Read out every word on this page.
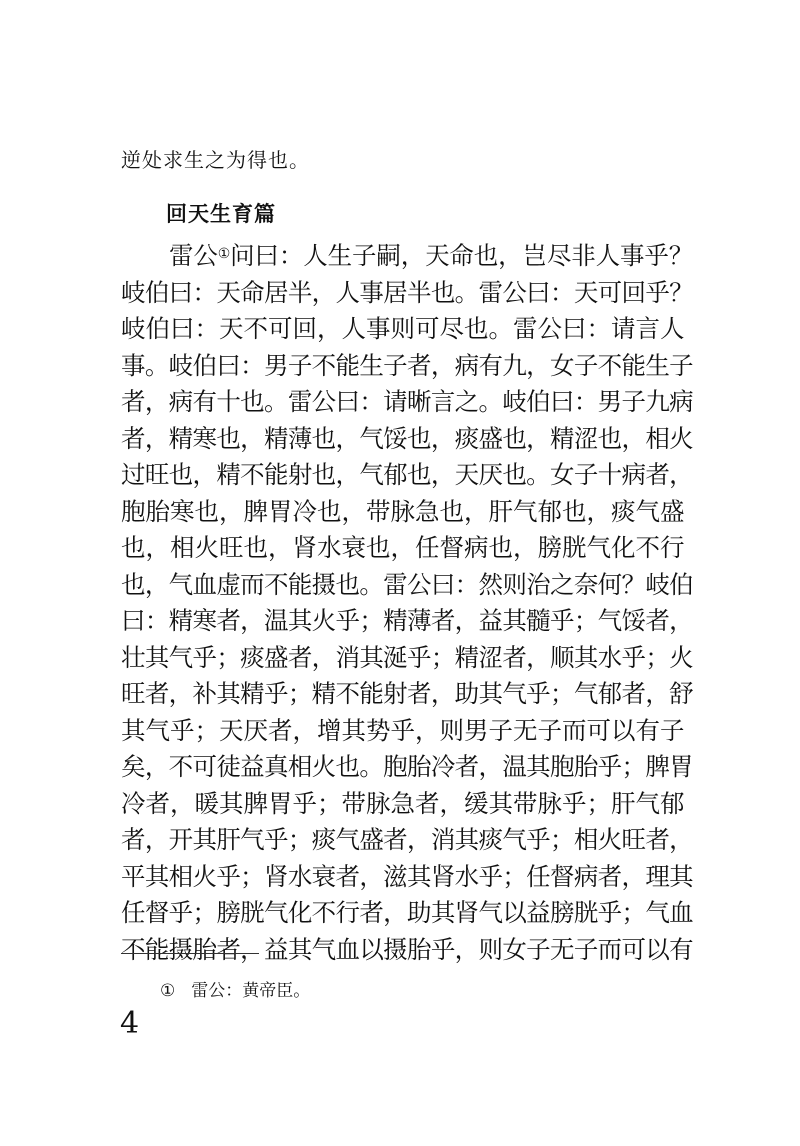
逆处求生之为得也。
回天生育篇
雷公①问曰：人生子嗣，天命也，岂尽非人事乎？
岐伯曰：天命居半，人事居半也。雷公曰：天可回乎？
岐伯曰：天不可回，人事则可尽也。雷公曰：请言人
事。岐伯曰：男子不能生子者，病有九，女子不能生子
者，病有十也。雷公曰：请晰言之。岐伯曰：男子九病
者，精寒也，精薄也，气馁也，痰盛也，精涩也，相火
过旺也，精不能射也，气郁也，天厌也。女子十病者，
胞胎寒也，脾胃冷也，带脉急也，肝气郁也，痰气盛
也，相火旺也，肾水衰也，任督病也，膀胱气化不行
也，气血虚而不能摄也。雷公曰：然则治之奈何？岐伯
曰：精寒者，温其火乎；精薄者，益其髓乎；气馁者，
壮其气乎；痰盛者，消其涎乎；精涩者，顺其水乎；火
旺者，补其精乎；精不能射者，助其气乎；气郁者，舒
其气乎；天厌者，增其势乎，则男子无子而可以有子
矣，不可徒益真相火也。胞胎冷者，温其胞胎乎；脾胃
冷者，暖其脾胃乎；带脉急者，缓其带脉乎；肝气郁
者，开其肝气乎；痰气盛者，消其痰气乎；相火旺者，
平其相火乎；肾水衰者，滋其肾水乎；任督病者，理其
任督乎；膀胱气化不行者，助其肾气以益膀胱乎；气血
不能摄胎者，益其气血以摄胎乎，则女子无子而可以有
① 雷公：黄帝臣。
4
